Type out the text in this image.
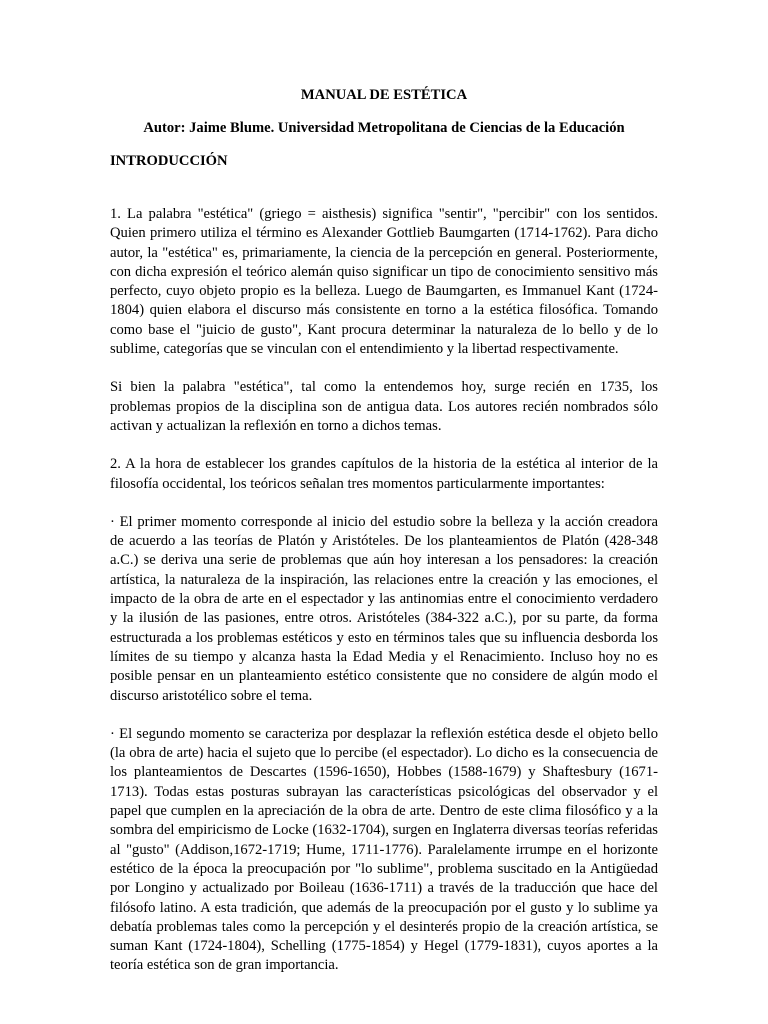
MANUAL DE ESTÉTICA
Autor: Jaime Blume. Universidad Metropolitana de Ciencias de la Educación
INTRODUCCIÓN

1. La palabra "estética" (griego = aisthesis) significa "sentir", "percibir" con los sentidos. Quien primero utiliza el término es Alexander Gottlieb Baumgarten (1714-1762). Para dicho autor, la "estética" es, primariamente, la ciencia de la percepción en general. Posteriormente, con dicha expresión el teórico alemán quiso significar un tipo de conocimiento sensitivo más perfecto, cuyo objeto propio es la belleza. Luego de Baumgarten, es Immanuel Kant (1724-1804) quien elabora el discurso más consistente en torno a la estética filosófica. Tomando como base el "juicio de gusto", Kant procura determinar la naturaleza de lo bello y de lo sublime, categorías que se vinculan con el entendimiento y la libertad respectivamente.

Si bien la palabra "estética", tal como la entendemos hoy, surge recién en 1735, los problemas propios de la disciplina son de antigua data. Los autores recién nombrados sólo activan y actualizan la reflexión en torno a dichos temas.

2. A la hora de establecer los grandes capítulos de la historia de la estética al interior de la filosofía occidental, los teóricos señalan tres momentos particularmente importantes:

· El primer momento corresponde al inicio del estudio sobre la belleza y la acción creadora de acuerdo a las teorías de Platón y Aristóteles. De los planteamientos de Platón (428-348 a.C.) se deriva una serie de problemas que aún hoy interesan a los pensadores: la creación artística, la naturaleza de la inspiración, las relaciones entre la creación y las emociones, el impacto de la obra de arte en el espectador y las antinomias entre el conocimiento verdadero y la ilusión de las pasiones, entre otros. Aristóteles (384-322 a.C.), por su parte, da forma estructurada a los problemas estéticos y esto en términos tales que su influencia desborda los límites de su tiempo y alcanza hasta la Edad Media y el Renacimiento. Incluso hoy no es posible pensar en un planteamiento estético consistente que no considere de algún modo el discurso aristotélico sobre el tema.

· El segundo momento se caracteriza por desplazar la reflexión estética desde el objeto bello (la obra de arte) hacia el sujeto que lo percibe (el espectador). Lo dicho es la consecuencia de los planteamientos de Descartes (1596-1650), Hobbes (1588-1679) y Shaftesbury (1671-1713). Todas estas posturas subrayan las características psicológicas del observador y el papel que cumplen en la apreciación de la obra de arte. Dentro de este clima filosófico y a la sombra del empiricismo de Locke (1632-1704), surgen en Inglaterra diversas teorías referidas al "gusto" (Addison,1672-1719; Hume, 1711-1776). Paralelamente irrumpe en el horizonte estético de la época la preocupación por "lo sublime", problema suscitado en la Antigüedad por Longino y actualizado por Boileau (1636-1711) a través de la traducción que hace del filósofo latino. A esta tradición, que además de la preocupación por el gusto y lo sublime ya debatía problemas tales como la percepción y el desinterés propio de la creación artística, se suman Kant (1724-1804), Schelling (1775-1854) y Hegel (1779-1831), cuyos aportes a la teoría estética son de gran importancia.
